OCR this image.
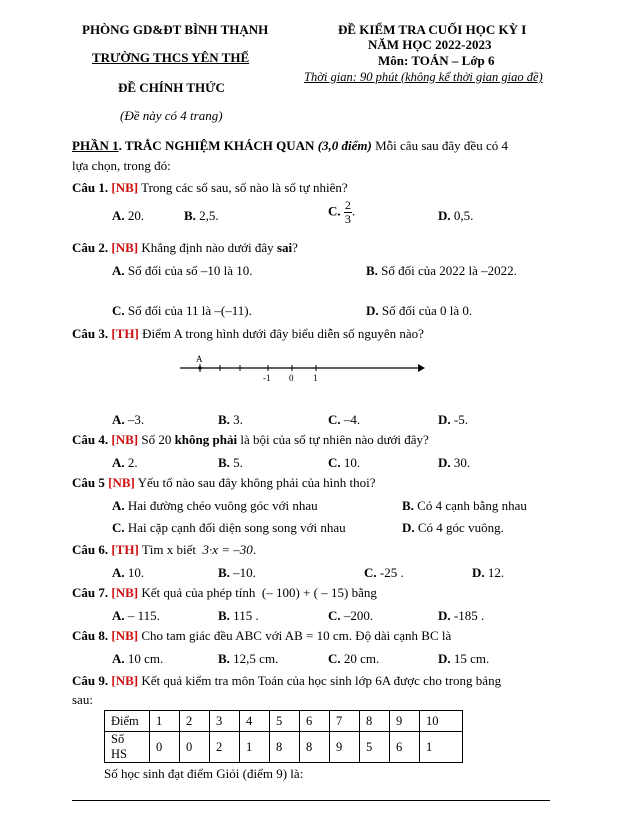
PHÒNG GD&ĐT BÌNH THẠNH
TRƯỜNG THCS YÊN THẾ
ĐỀ CHÍNH THỨC
(Đề này có 4 trang)
ĐỀ KIỂM TRA CUỐI HỌC KỲ I
NĂM HỌC 2022-2023
Môn: TOÁN – Lớp 6
Thời gian: 90 phút (không kể thời gian giao đề)
PHẦN 1. TRẮC NGHIỆM KHÁCH QUAN (3,0 điểm) Mỗi câu sau đây đều có 4
lựa chọn, trong đó:
Câu 1. [NB] Trong các số sau, số nào là số tự nhiên?
A. 20.	B. 2,5.	C. $\frac{2}{3}$ .	D. 0,5.
Câu 2. [NB] Khẳng định nào dưới đây sai?
A. Số đối của số –10 là 10.	B. Số đối của 2022 là –2022.
C. Số đối của 11 là –(–11).	D. Số đối của 0 là 0.
Câu 3. [TH] Điểm A trong hình dưới đây biểu diễn số nguyên nào?
A
-1 0 1
A. –3.	B. 3.	C. –4.	D. -5.
Câu 4. [NB] Số 20 không phải là bội của số tự nhiên nào dưới đây?
A. 2.	B. 5.	C. 10.	D. 30.
Câu 5 [NB] Yếu tố nào sau đây không phải của hình thoi?
A. Hai đường chéo vuông góc với nhau	B. Có 4 cạnh bằng nhau
C. Hai cặp cạnh đối diện song song với nhau	D. Có 4 góc vuông.
Câu 6. [TH] Tìm x biết 3·x = –30.
A. 10.	B. –10.	C. -25 .	D. 12.
Câu 7. [NB] Kết quả của phép tính (– 100) + ( – 15) bằng
A. – 115.	B. 115 .	C. –200.	D. -185 .
Câu 8. [NB] Cho tam giác đều ABC với AB = 10 cm. Độ dài cạnh BC là
A. 10 cm.	B. 12,5 cm.	C. 20 cm.	D. 15 cm.
Câu 9. [NB] Kết quả kiểm tra môn Toán của học sinh lớp 6A được cho trong bảng
sau:
Điểm	1	2	3	4	5	6	7	8	9	10
Số HS	0	0	2	1	8	8	9	5	6	1
Số học sinh đạt điểm Giỏi (điểm 9) là:
